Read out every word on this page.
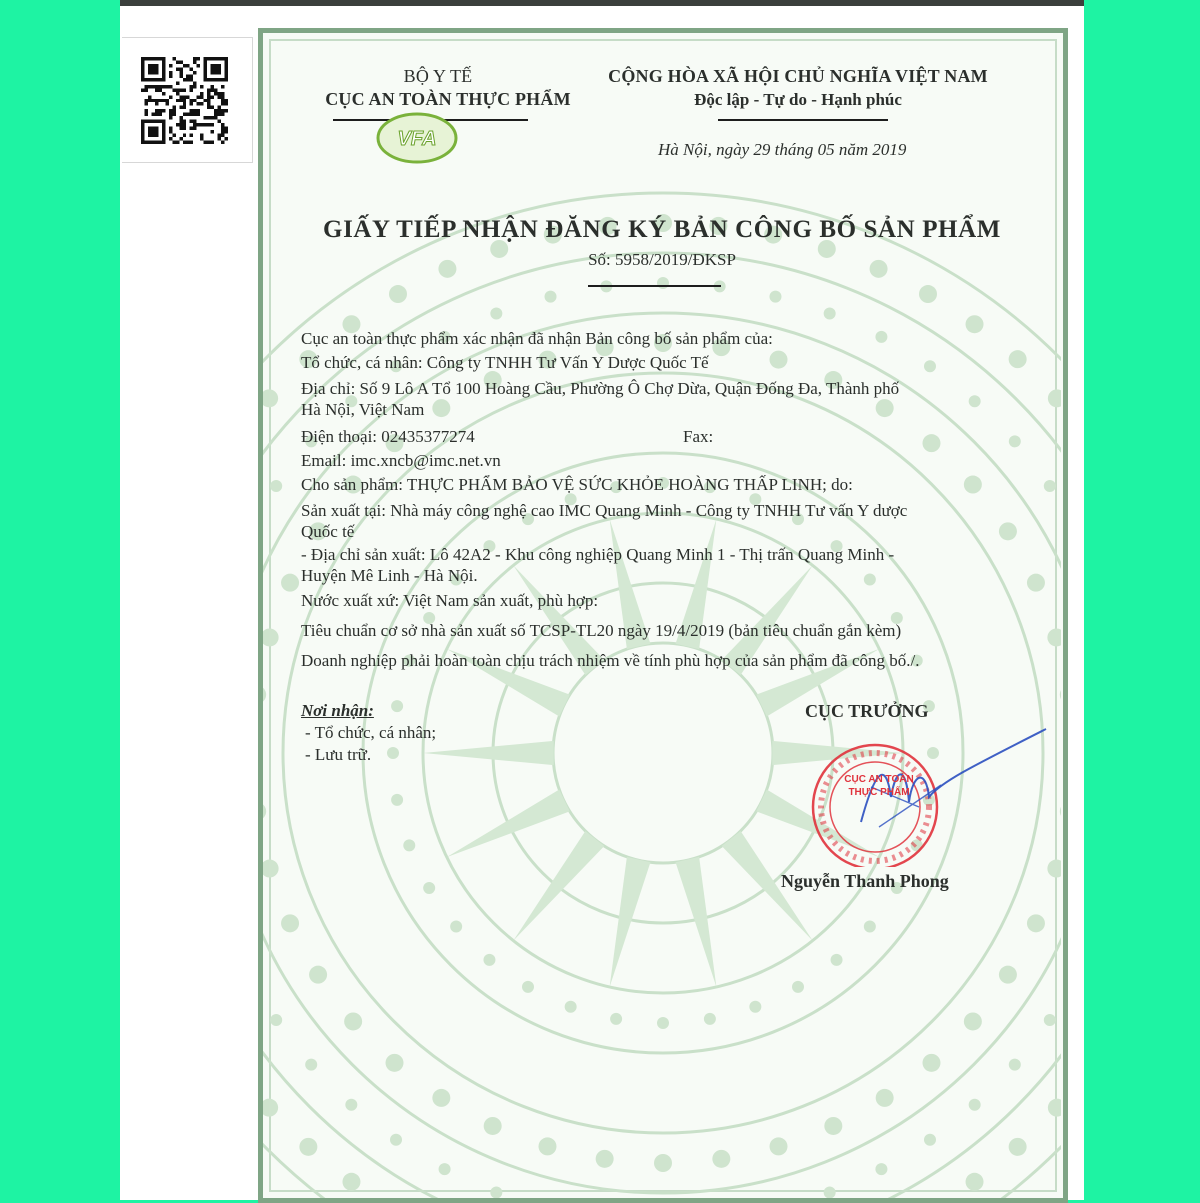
BỘ Y TẾ
CỤC AN TOÀN THỰC PHẨM
VFA
CỘNG HÒA XÃ HỘI CHỦ NGHĨA VIỆT NAM
Độc lập - Tự do - Hạnh phúc
Hà Nội, ngày 29 tháng 05 năm 2019
GIẤY TIẾP NHẬN ĐĂNG KÝ BẢN CÔNG BỐ SẢN PHẨM
Số: 5958/2019/ĐKSP
Cục an toàn thực phẩm xác nhận đã nhận Bản công bố sản phẩm của:
Tổ chức, cá nhân: Công ty TNHH Tư Vấn Y Dược Quốc Tế
Địa chỉ: Số 9 Lô A Tổ 100 Hoàng Cầu, Phường Ô Chợ Dừa, Quận Đống Đa, Thành phố
Hà Nội, Việt Nam
Điện thoại: 02435377274	Fax:
Email: imc.xncb@imc.net.vn
Cho sản phẩm: THỰC PHẨM BẢO VỆ SỨC KHỎE HOÀNG THẤP LINH; do:
Sản xuất tại: Nhà máy công nghệ cao IMC Quang Minh - Công ty TNHH Tư vấn Y dược
Quốc tế
- Địa chỉ sản xuất: Lô 42A2 - Khu công nghiệp Quang Minh 1 - Thị trấn Quang Minh -
Huyện Mê Linh - Hà Nội.
Nước xuất xứ: Việt Nam sản xuất, phù hợp:
Tiêu chuẩn cơ sở nhà sản xuất số TCSP-TL20 ngày 19/4/2019 (bản tiêu chuẩn gắn kèm)
Doanh nghiệp phải hoàn toàn chịu trách nhiệm về tính phù hợp của sản phẩm đã công bố./.
Nơi nhận:
- Tổ chức, cá nhân;
- Lưu trữ.
CỤC TRƯỞNG
CỤC AN TOÀN THỰC PHẨM
Nguyễn Thanh Phong
